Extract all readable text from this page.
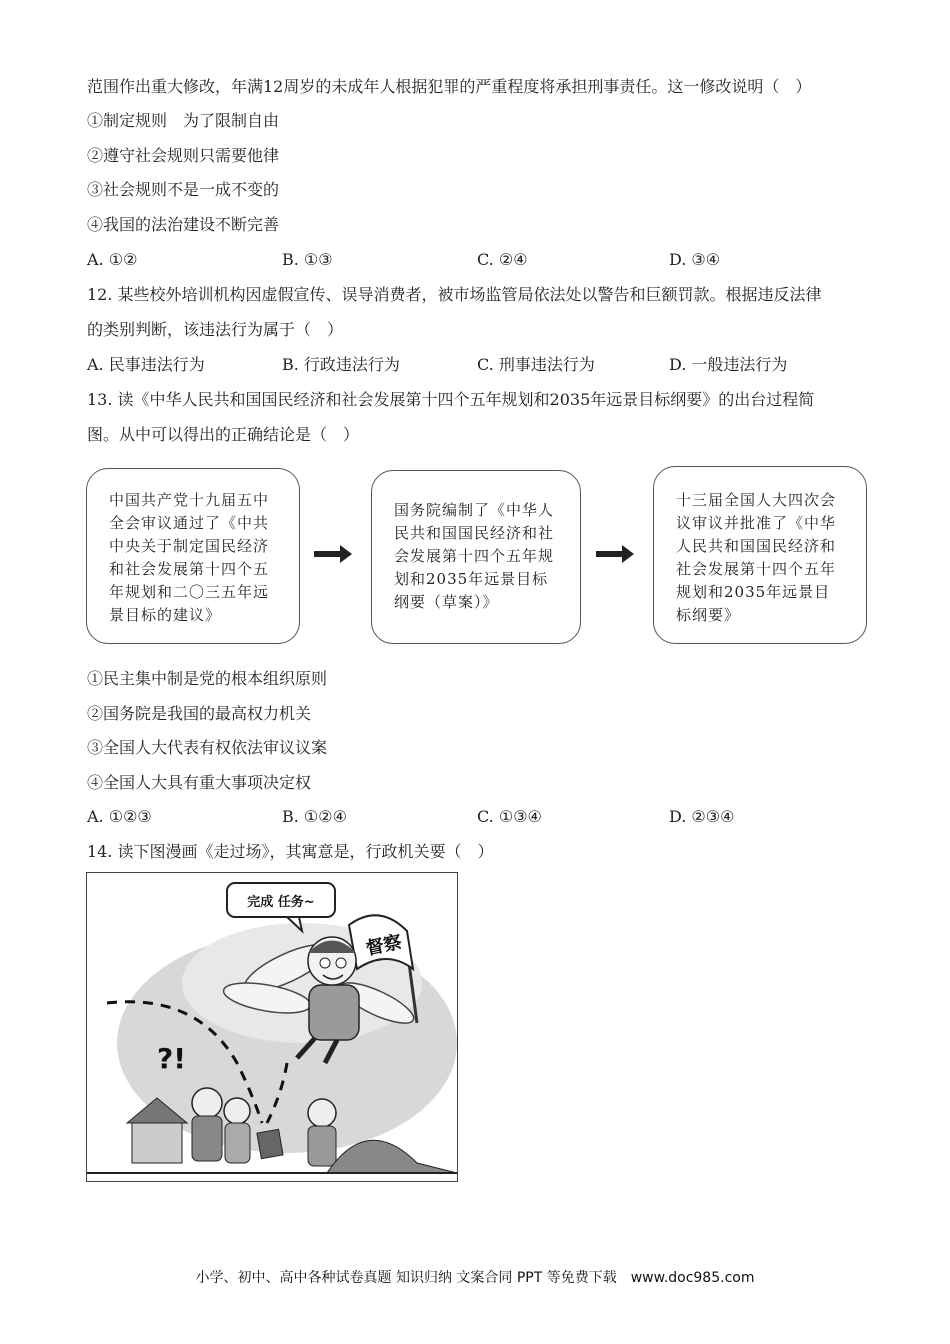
范围作出重大修改，年满12周岁的未成年人根据犯罪的严重程度将承担刑事责任。这一修改说明（　）
①制定规则　为了限制自由
②遵守社会规则只需要他律
③社会规则不是一成不变的
④我国的法治建设不断完善
A. ①②	B. ①③	C. ②④	D. ③④
12. 某些校外培训机构因虚假宣传、误导消费者，被市场监管局依法处以警告和巨额罚款。根据违反法律
的类别判断，该违法行为属于（　）
A. 民事违法行为	B. 行政违法行为	C. 刑事违法行为	D. 一般违法行为
13. 读《中华人民共和国国民经济和社会发展第十四个五年规划和2035年远景目标纲要》的出台过程简
图。从中可以得出的正确结论是（　）
中国共产党十九届五中
全会审议通过了《中共
中央关于制定国民经济
和社会发展第十四个五
年规划和二〇三五年远
景目标的建议》
国务院编制了《中华人
民共和国国民经济和社
会发展第十四个五年规
划和2035年远景目标
纲要（草案）》
十三届全国人大四次会
议审议并批准了《中华
人民共和国国民经济和
社会发展第十四个五年
规划和2035年远景目
标纲要》
①民主集中制是党的根本组织原则
②国务院是我国的最高权力机关
③全国人大代表有权依法审议议案
④全国人大具有重大事项决定权
A. ①②③	B. ①②④	C. ①③④	D. ②③④
14. 读下图漫画《走过场》，其寓意是，行政机关要（　）
完成 任务~
督察
?!
小学、初中、高中各种试卷真题 知识归纳 文案合同 PPT 等免费下载　www.doc985.com
